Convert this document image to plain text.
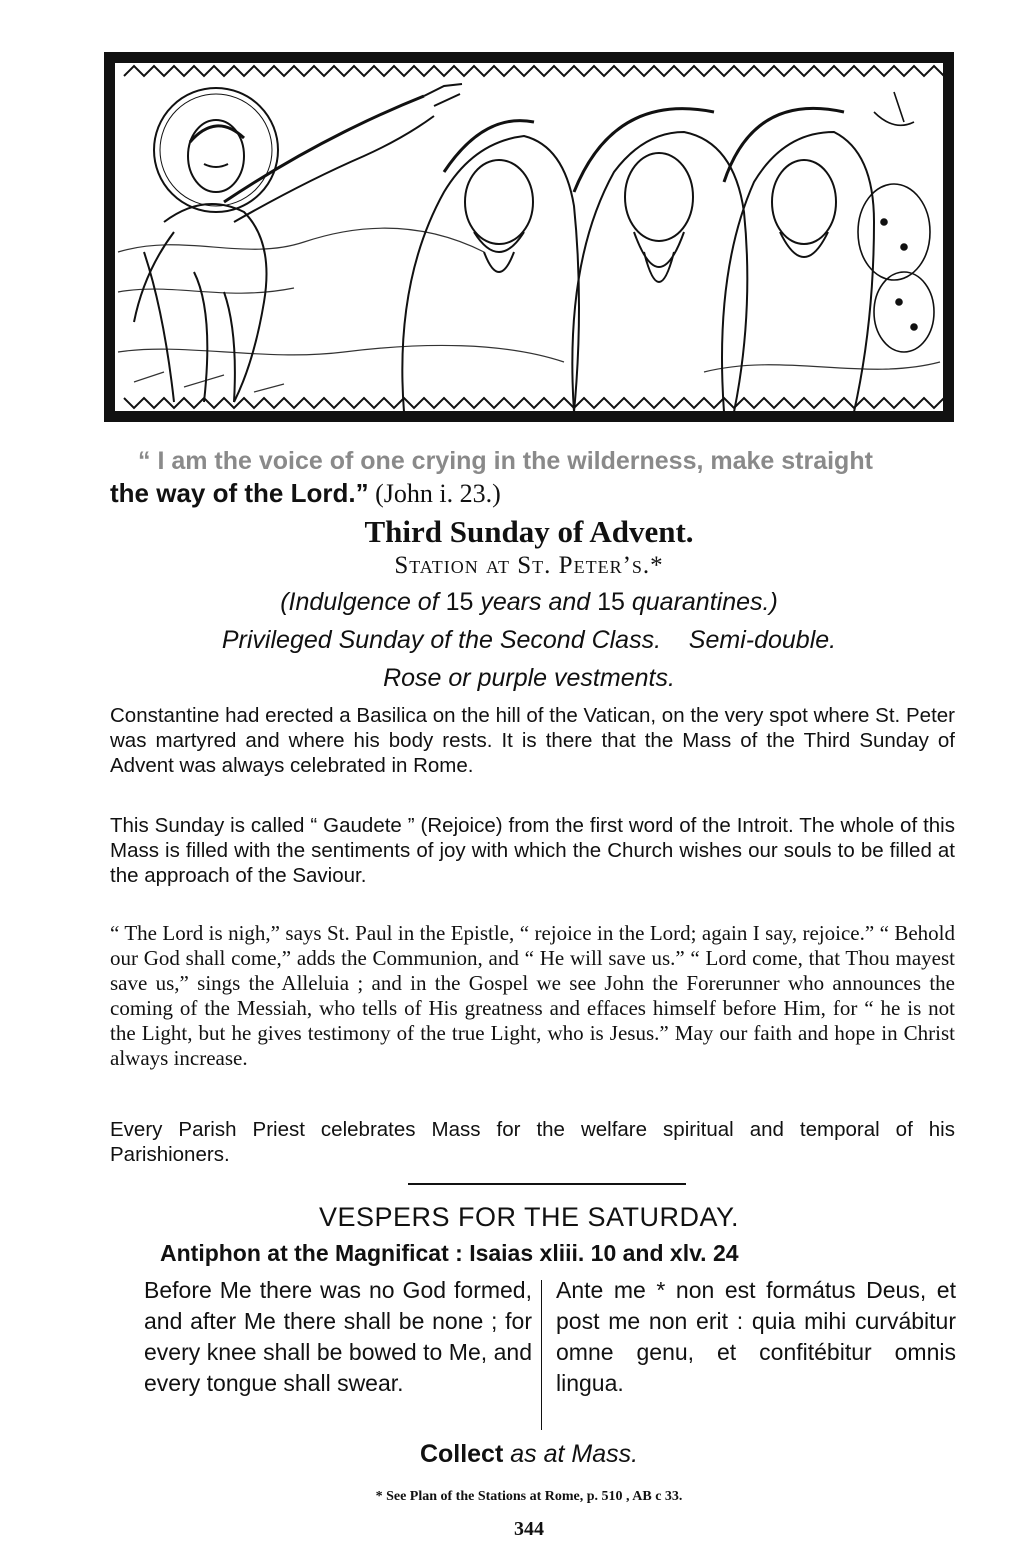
“ I am the voice of one crying in the wilderness, make straight
the way of the Lord.” (John i. 23.)
Third Sunday of Advent.
Station at St. Peter’s.*
(Indulgence of 15 years and 15 quarantines.)
Privileged Sunday of the Second Class.    Semi-double.
Rose or purple vestments.
Constantine had erected a Basilica on the hill of the Vatican, on the very spot where St. Peter was martyred and where his body rests. It is there that the Mass of the Third Sunday of Advent was always celebrated in Rome.
This Sunday is called “ Gaudete ” (Rejoice) from the first word of the Introit. The whole of this Mass is filled with the sentiments of joy with which the Church wishes our souls to be filled at the approach of the Saviour.
“ The Lord is nigh,” says St. Paul in the Epistle, “ rejoice in the Lord; again I say, rejoice.” “ Behold our God shall come,” adds the Communion, and “ He will save us.” “ Lord come, that Thou mayest save us,” sings the Alleluia ; and in the Gospel we see John the Forerunner who announces the coming of the Messiah, who tells of His greatness and effaces himself before Him, for “ he is not the Light, but he gives testimony of the true Light, who is Jesus.” May our faith and hope in Christ always increase.
Every Parish Priest celebrates Mass for the welfare spiritual and temporal of his Parishioners.
VESPERS FOR THE SATURDAY.
Antiphon at the Magnificat : Isaias xliii. 10 and xlv. 24
Before Me there was no God formed, and after Me there shall be none ; for every knee shall be bowed to Me, and every tongue shall swear.
Ante me * non est formátus Deus, et post me non erit : quia mihi curvábitur omne genu, et confitébitur omnis lingua.
Collect as at Mass.
* See Plan of the Stations at Rome, p. 510 , AB c 33.
344
